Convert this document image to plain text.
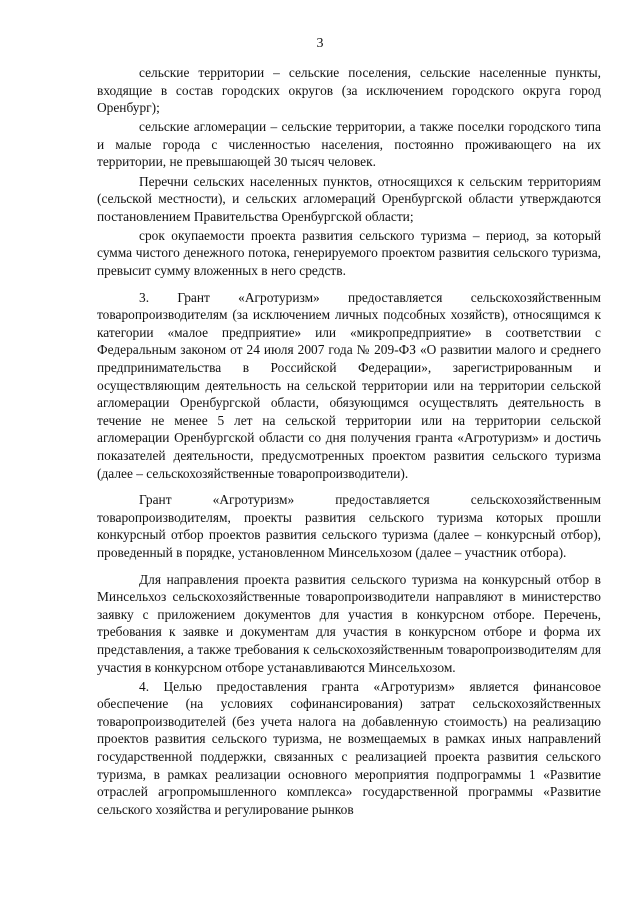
3

сельские территории – сельские поселения, сельские населенные пункты, входящие в состав городских округов (за исключением городского округа город Оренбург);

сельские агломерации – сельские территории, а также поселки городского типа и малые города с численностью населения, постоянно проживающего на их территории, не превышающей 30 тысяч человек.

Перечни сельских населенных пунктов, относящихся к сельским территориям (сельской местности), и сельских агломераций Оренбургской области утверждаются постановлением Правительства Оренбургской области;

срок окупаемости проекта развития сельского туризма – период, за который сумма чистого денежного потока, генерируемого проектом развития сельского туризма, превысит сумму вложенных в него средств.

3. Грант «Агротуризм» предоставляется сельскохозяйственным товаропроизводителям (за исключением личных подсобных хозяйств), относящимся к категории «малое предприятие» или «микропредприятие» в соответствии с Федеральным законом от 24 июля 2007 года № 209-ФЗ «О развитии малого и среднего предпринимательства в Российской Федерации», зарегистрированным и осуществляющим деятельность на сельской территории или на территории сельской агломерации Оренбургской области, обязующимся осуществлять деятельность в течение не менее 5 лет на сельской территории или на территории сельской агломерации Оренбургской области со дня получения гранта «Агротуризм» и достичь показателей деятельности, предусмотренных проектом развития сельского туризма (далее – сельскохозяйственные товаропроизводители).

Грант «Агротуризм» предоставляется сельскохозяйственным товаропроизводителям, проекты развития сельского туризма которых прошли конкурсный отбор проектов развития сельского туризма (далее – конкурсный отбор), проведенный в порядке, установленном Минсельхозом (далее – участник отбора).

Для направления проекта развития сельского туризма на конкурсный отбор в Минсельхоз сельскохозяйственные товаропроизводители направляют в министерство заявку с приложением документов для участия в конкурсном отборе. Перечень, требования к заявке и документам для участия в конкурсном отборе и форма их представления, а также требования к сельскохозяйственным товаропроизводителям для участия в конкурсном отборе устанавливаются Минсельхозом.

4. Целью предоставления гранта «Агротуризм» является финансовое обеспечение (на условиях софинансирования) затрат сельскохозяйственных товаропроизводителей (без учета налога на добавленную стоимость) на реализацию проектов развития сельского туризма, не возмещаемых в рамках иных направлений государственной поддержки, связанных с реализацией проекта развития сельского туризма, в рамках реализации основного мероприятия подпрограммы 1 «Развитие отраслей агропромышленного комплекса» государственной программы «Развитие сельского хозяйства и регулирование рынков
